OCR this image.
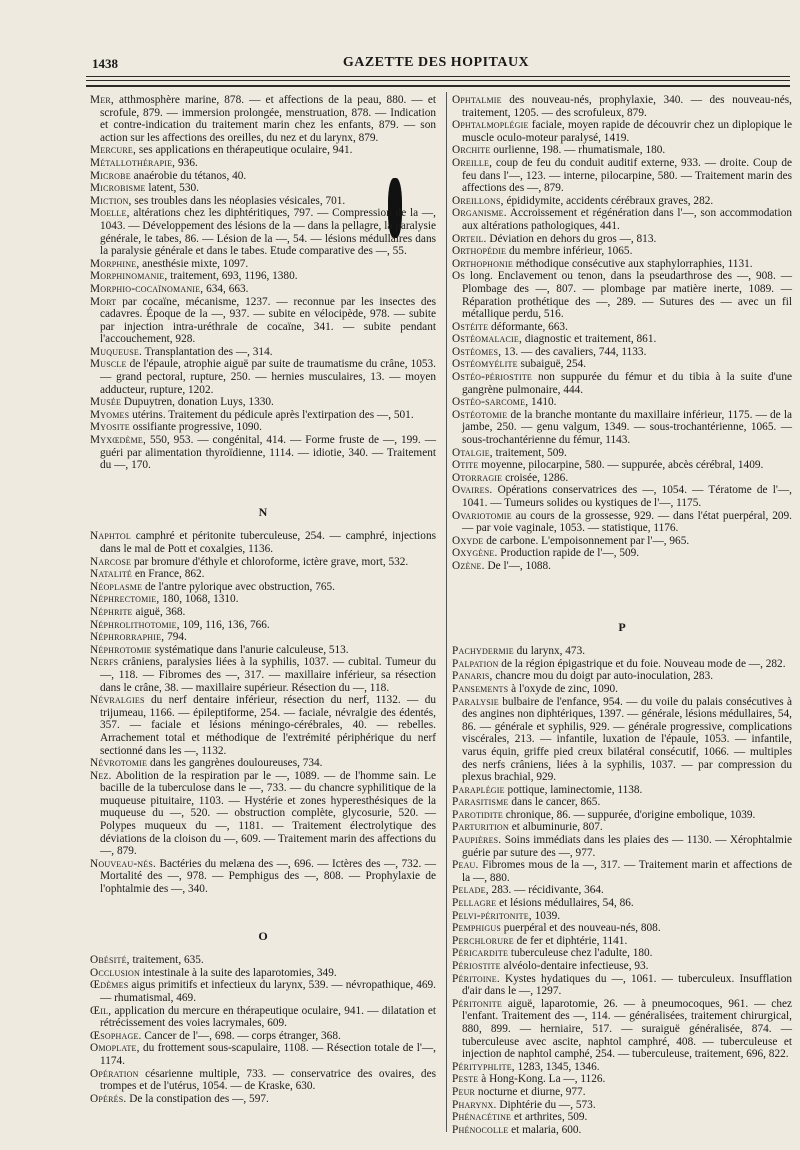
1438	GAZETTE DES HOPITAUX
Mer, atthmosphère marine, 878. — et affections de la peau, 880. — et scrofule, 879. — immersion prolongée, menstruation, 878. — Indication et contre-indication du traitement marin chez les enfants, 879. — son action sur les affections des oreilles, du nez et du larynx, 879.
Mercure, ses applications en thérapeutique oculaire, 941.
Métallothérapie, 936.
Microbe anaérobie du tétanos, 40.
Microbisme latent, 530.
Miction, ses troubles dans les néoplasies vésicales, 701.
Moelle, altérations chez les diphtéritiques, 797. — Compression de la —, 1043. — Développement des lésions de la — dans la pellagre, la paralysie générale, le tabes, 86. — Lésion de la —, 54. — lésions médullaires dans la paralysie générale et dans le tabes. Etude comparative des —, 55.
Morphine, anesthésie mixte, 1097.
Morphinomanie, traitement, 693, 1196, 1380.
Morphio-cocaïnomanie, 634, 663.
Mort par cocaïne, mécanisme, 1237. — reconnue par les insectes des cadavres. Époque de la —, 937. — subite en vélocipède, 978. — subite par injection intra-uréthrale de cocaïne, 341. — subite pendant l'accouchement, 928.
Muqueuse. Transplantation des —, 314.
Muscle de l'épaule, atrophie aiguë par suite de traumatisme du crâne, 1053. — grand pectoral, rupture, 250. — hernies musculaires, 13. — moyen adducteur, rupture, 1202.
Musée Dupuytren, donation Luys, 1330.
Myomes utérins. Traitement du pédicule après l'extirpation des —, 501.
Myosite ossifiante progressive, 1090.
Myxœdème, 550, 953. — congénital, 414. — Forme fruste de —, 199. — guéri par alimentation thyroïdienne, 1114. — idiotie, 340. — Traitement du —, 170.
N
Naphtol camphré et péritonite tuberculeuse, 254. — camphré, injections dans le mal de Pott et coxalgies, 1136.
Narcose par bromure d'éthyle et chloroforme, ictère grave, mort, 532.
Natalité en France, 862.
Néoplasme de l'antre pylorique avec obstruction, 765.
Néphrectomie, 180, 1068, 1310.
Néphrite aiguë, 368.
Néphrolithotomie, 109, 116, 136, 766.
Néphrorraphie, 794.
Néphrotomie systématique dans l'anurie calculeuse, 513.
Nerfs crâniens, paralysies liées à la syphilis, 1037. — cubital. Tumeur du —, 118. — Fibromes des —, 317. — maxillaire inférieur, sa résection dans le crâne, 38. — maxillaire supérieur. Résection du —, 118.
Névralgies du nerf dentaire inférieur, résection du nerf, 1132. — du trijumeau, 1166. — épileptiforme, 254. — faciale, névralgie des édentés, 357. — faciale et lésions méningo-cérébrales, 40. — rebelles. Arrachement total et méthodique de l'extrémité périphérique du nerf sectionné dans les —, 1132.
Névrotomie dans les gangrènes douloureuses, 734.
Nez. Abolition de la respiration par le —, 1089. — de l'homme sain. Le bacille de la tuberculose dans le —, 733. — du chancre syphilitique de la muqueuse pituitaire, 1103. — Hystérie et zones hyperesthésiques de la muqueuse du —, 520. — obstruction complète, glycosurie, 520. — Polypes muqueux du —, 1181. — Traitement électrolytique des déviations de la cloison du —, 609. — Traitement marin des affections du —, 879.
Nouveau-nés. Bactéries du melæna des —, 696. — Ictères des —, 732. — Mortalité des —, 978. — Pemphigus des —, 808. — Prophylaxie de l'ophtalmie des —, 340.
O
Obésité, traitement, 635.
Occlusion intestinale à la suite des laparotomies, 349.
Œdèmes aigus primitifs et infectieux du larynx, 539. — névropathique, 469. — rhumatismal, 469.
Œil, application du mercure en thérapeutique oculaire, 941. — dilatation et rétrécissement des voies lacrymales, 609.
Œsophage. Cancer de l'—, 698. — corps étranger, 368.
Omoplate, du frottement sous-scapulaire, 1108. — Résection totale de l'—, 1174.
Opération césarienne multiple, 733. — conservatrice des ovaires, des trompes et de l'utérus, 1054. — de Kraske, 630.
Opérés. De la constipation des —, 597.
Ophtalmie des nouveau-nés, prophylaxie, 340. — des nouveau-nés, traitement, 1205. — des scrofuleux, 879.
Ophtalmoplégie faciale, moyen rapide de découvrir chez un diplopique le muscle oculo-moteur paralysé, 1419.
Orchite ourlienne, 198. — rhumatismale, 180.
Oreille, coup de feu du conduit auditif externe, 933. — droite. Coup de feu dans l'—, 123. — interne, pilocarpine, 580. — Traitement marin des affections des —, 879.
Oreillons, épididymite, accidents cérébraux graves, 282.
Organisme. Accroissement et régénération dans l'—, son accommodation aux altérations pathologiques, 441.
Orteil. Déviation en dehors du gros —, 813.
Orthopédie du membre inférieur, 1065.
Orthophonie méthodique consécutive aux staphylorraphies, 1131.
Os long. Enclavement ou tenon, dans la pseudarthrose des —, 908. — Plombage des —, 807. — plombage par matière inerte, 1089. — Réparation prothétique des —, 289. — Sutures des — avec un fil métallique perdu, 516.
Ostéite déformante, 663.
Ostéomalacie, diagnostic et traitement, 861.
Ostéomes, 13. — des cavaliers, 744, 1133.
Ostéomyélite subaiguë, 254.
Ostéo-périostite non suppurée du fémur et du tibia à la suite d'une gangrène pulmonaire, 444.
Ostéo-sarcome, 1410.
Ostéotomie de la branche montante du maxillaire inférieur, 1175. — de la jambe, 250. — genu valgum, 1349. — sous-trochantérienne, 1065. — sous-trochantérienne du fémur, 1143.
Otalgie, traitement, 509.
Otite moyenne, pilocarpine, 580. — suppurée, abcès cérébral, 1409.
Otorragie croisée, 1286.
Ovaires. Opérations conservatrices des —, 1054. — Tératome de l'—, 1041. — Tumeurs solides ou kystiques de l'—, 1175.
Ovariotomie au cours de la grossesse, 929. — dans l'état puerpéral, 209. — par voie vaginale, 1053. — statistique, 1176.
Oxyde de carbone. L'empoisonnement par l'—, 965.
Oxygène. Production rapide de l'—, 509.
Ozène. De l'—, 1088.
P
Pachydermie du larynx, 473.
Palpation de la région épigastrique et du foie. Nouveau mode de —, 282.
Panaris, chancre mou du doigt par auto-inoculation, 283.
Pansements à l'oxyde de zinc, 1090.
Paralysie bulbaire de l'enfance, 954. — du voile du palais consécutives à des angines non diphtériques, 1397. — générale, lésions médullaires, 54, 86. — générale et syphilis, 929. — générale progressive, complications viscérales, 213. — infantile, luxation de l'épaule, 1053. — infantile, varus équin, griffe pied creux bilatéral consécutif, 1066. — multiples des nerfs crâniens, liées à la syphilis, 1037. — par compression du plexus brachial, 929.
Paraplégie pottique, laminectomie, 1138.
Parasitisme dans le cancer, 865.
Parotidite chronique, 86. — suppurée, d'origine embolique, 1039.
Parturition et albuminurie, 807.
Paupières. Soins immédiats dans les plaies des — 1130. — Xérophtalmie guérie par suture des —, 977.
Peau. Fibromes mous de la —, 317. — Traitement marin et affections de la —, 880.
Pelade, 283. — récidivante, 364.
Pellagre et lésions médullaires, 54, 86.
Pelvi-péritonite, 1039.
Pemphigus puerpéral et des nouveau-nés, 808.
Perchlorure de fer et diphtérie, 1141.
Péricardite tuberculeuse chez l'adulte, 180.
Périostite alvéolo-dentaire infectieuse, 93.
Péritoine. Kystes hydatiques du —, 1061. — tuberculeux. Insufflation d'air dans le —, 1297.
Péritonite aiguë, laparotomie, 26. — à pneumocoques, 961. — chez l'enfant. Traitement des —, 114. — généralisées, traitement chirurgical, 880, 899. — herniaire, 517. — suraiguë généralisée, 874. — tuberculeuse avec ascite, naphtol camphré, 408. — tuberculeuse et injection de naphtol camphé, 254. — tuberculeuse, traitement, 696, 822.
Pérityphlite, 1283, 1345, 1346.
Peste à Hong-Kong. La —, 1126.
Peur nocturne et diurne, 977.
Pharynx. Diphtérie du —, 573.
Phénacétine et arthrites, 509.
Phénocolle et malaria, 600.
